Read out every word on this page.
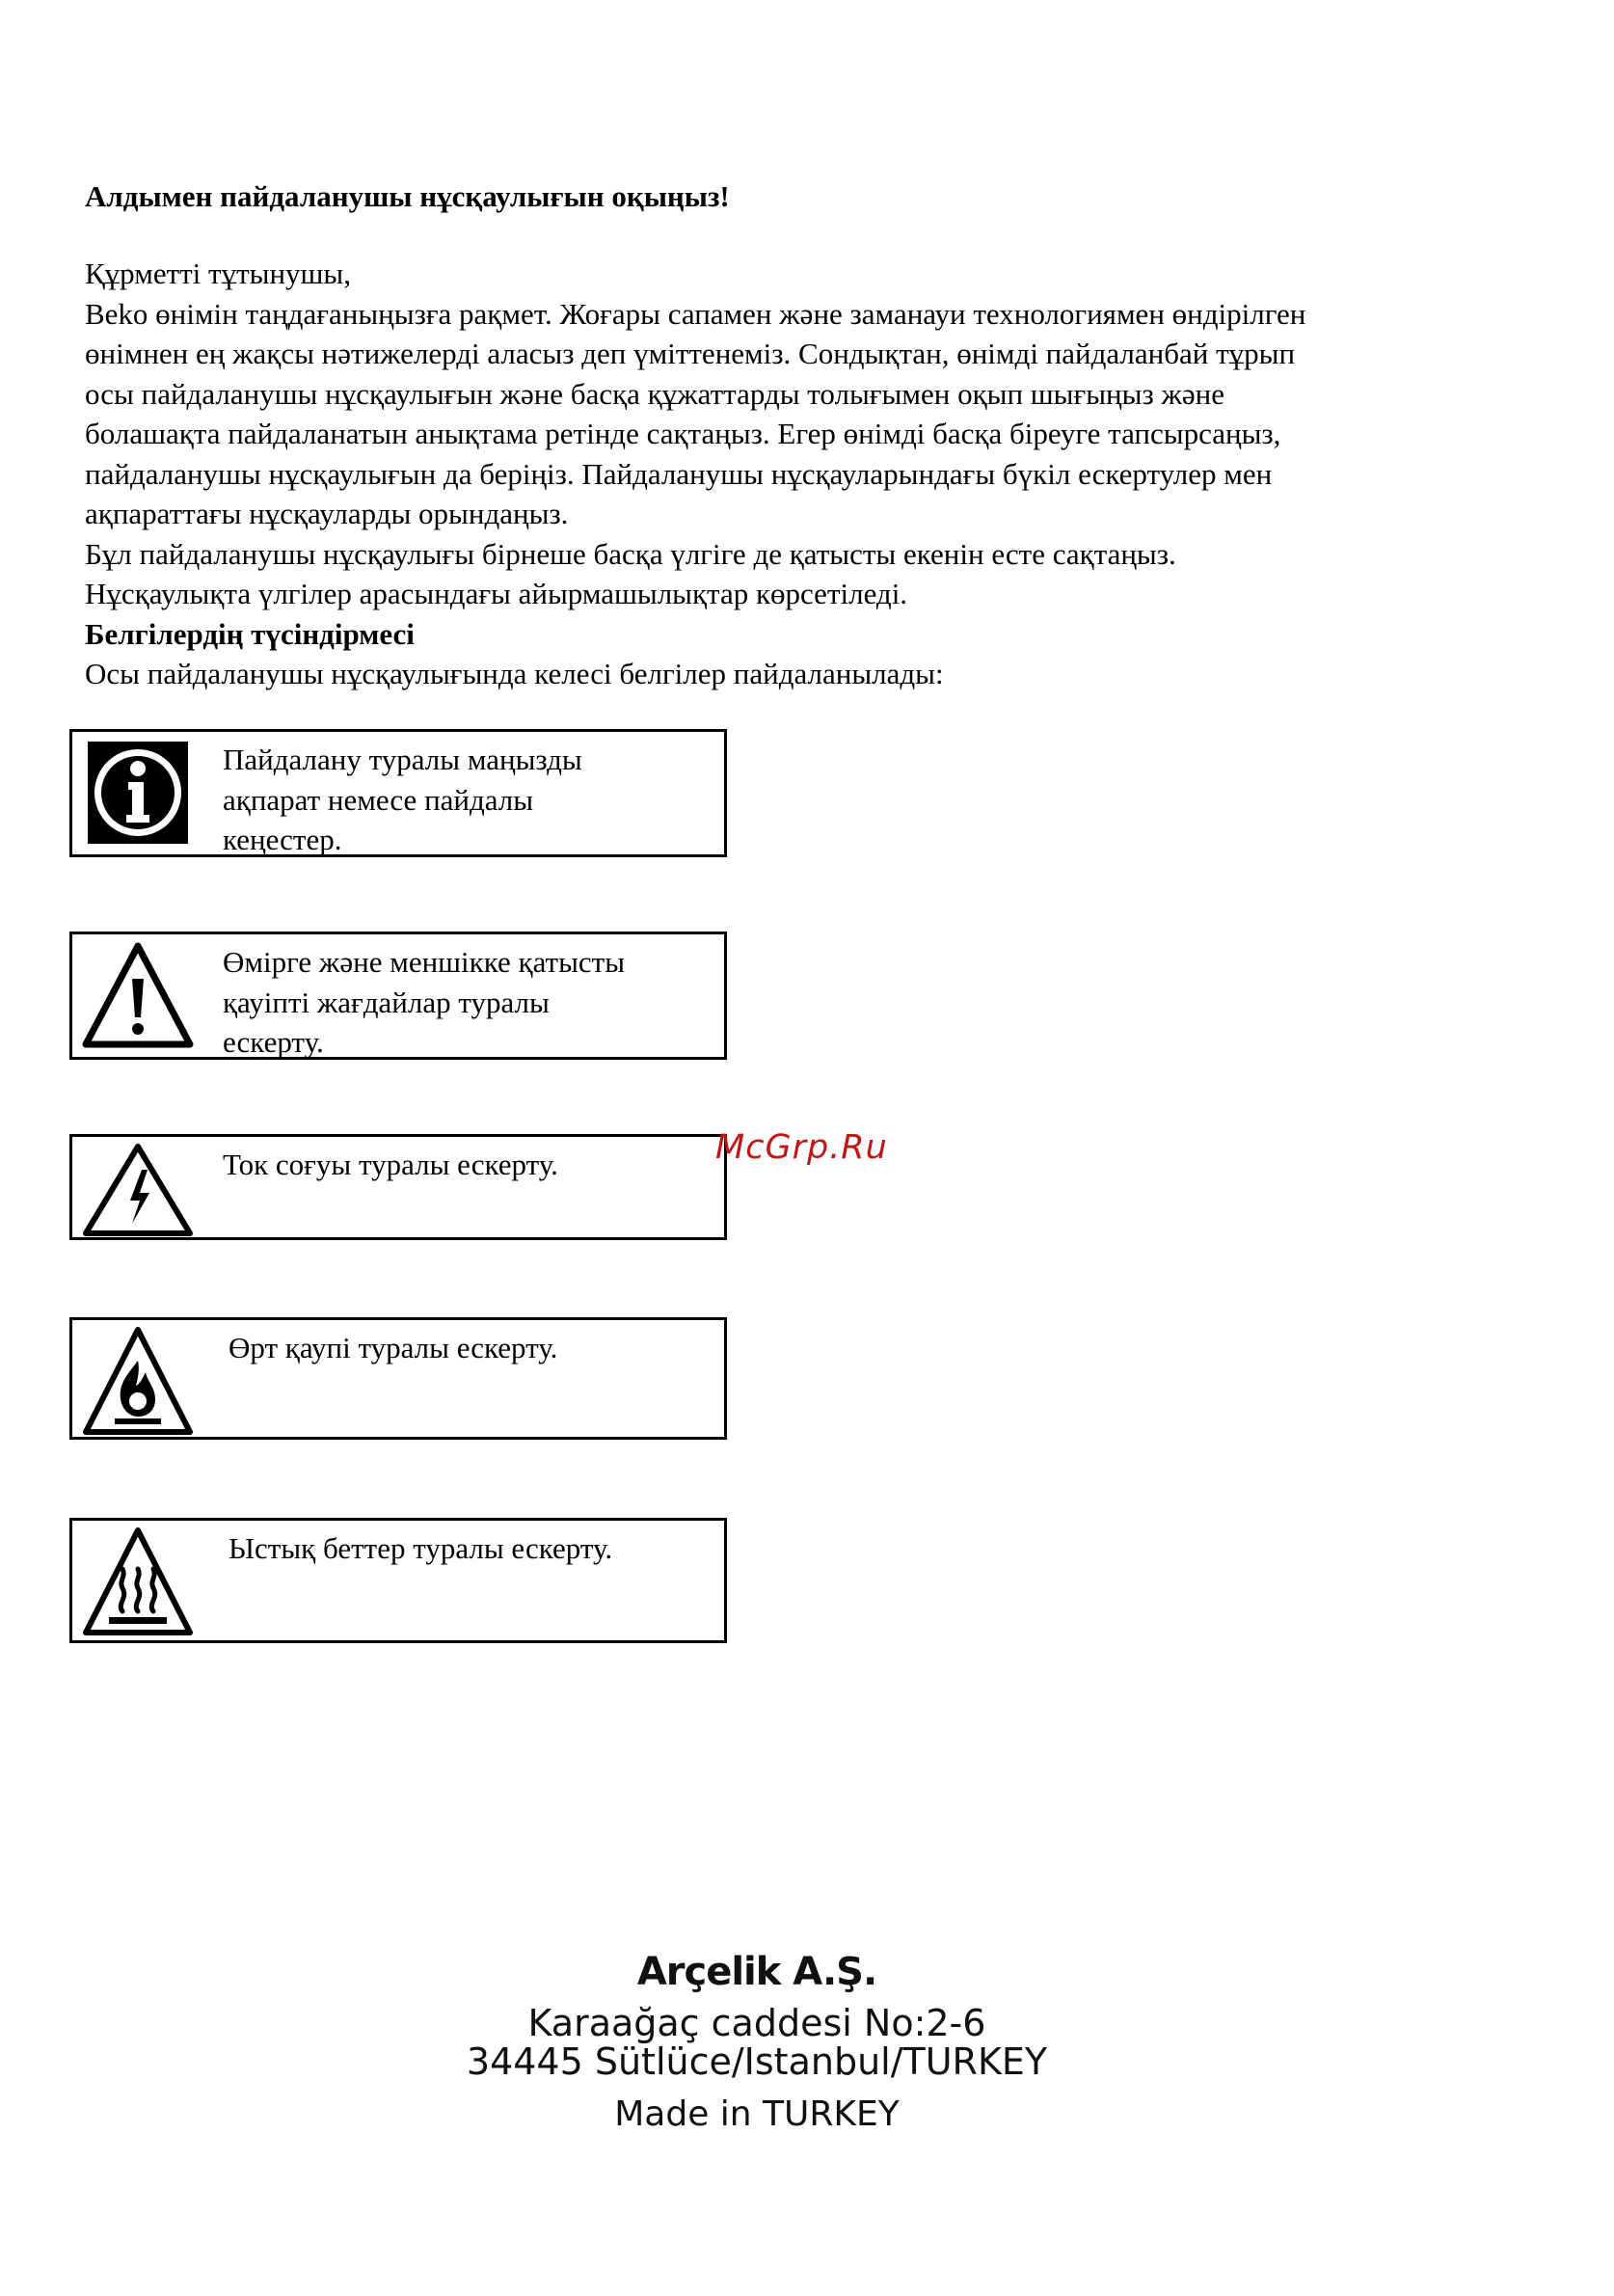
Алдымен пайдаланушы нұсқаулығын оқыңыз!

Құрметті тұтынушы,

Beko өнімін таңдағаныңызға рақмет. Жоғары сапамен және заманауи технологиямен өндірілген

өнімнен ең жақсы нәтижелерді аласыз деп үміттенеміз. Сондықтан, өнімді пайдаланбай тұрып

осы пайдаланушы нұсқаулығын және басқа құжаттарды толығымен оқып шығыңыз және

болашақта пайдаланатын анықтама ретінде сақтаңыз. Егер өнімді басқа біреуге тапсырсаңыз,

пайдаланушы нұсқаулығын да беріңіз. Пайдаланушы нұсқауларындағы бүкіл ескертулер мен

ақпараттағы нұсқауларды орындаңыз.

Бұл пайдаланушы нұсқаулығы бірнеше басқа үлгіге де қатысты екенін есте сақтаңыз.

Нұсқаулықта үлгілер арасындағы айырмашылықтар көрсетіледі.

Белгілердің түсіндірмесі

Осы пайдаланушы нұсқаулығында келесі белгілер пайдаланылады:

Пайдалану туралы маңызды
ақпарат немесе пайдалы
кеңестер.
Өмірге және меншікке қатысты
қауіпті жағдайлар туралы
ескерту.
Ток соғуы туралы ескерту.
Өрт қаупі туралы ескерту.
Ыстық беттер туралы ескерту.
McGrp.Ru
Arçelik A.Ş.
Karaağaç caddesi No:2-6
34445 Sütlüce/Istanbul/TURKEY
Made in TURKEY
